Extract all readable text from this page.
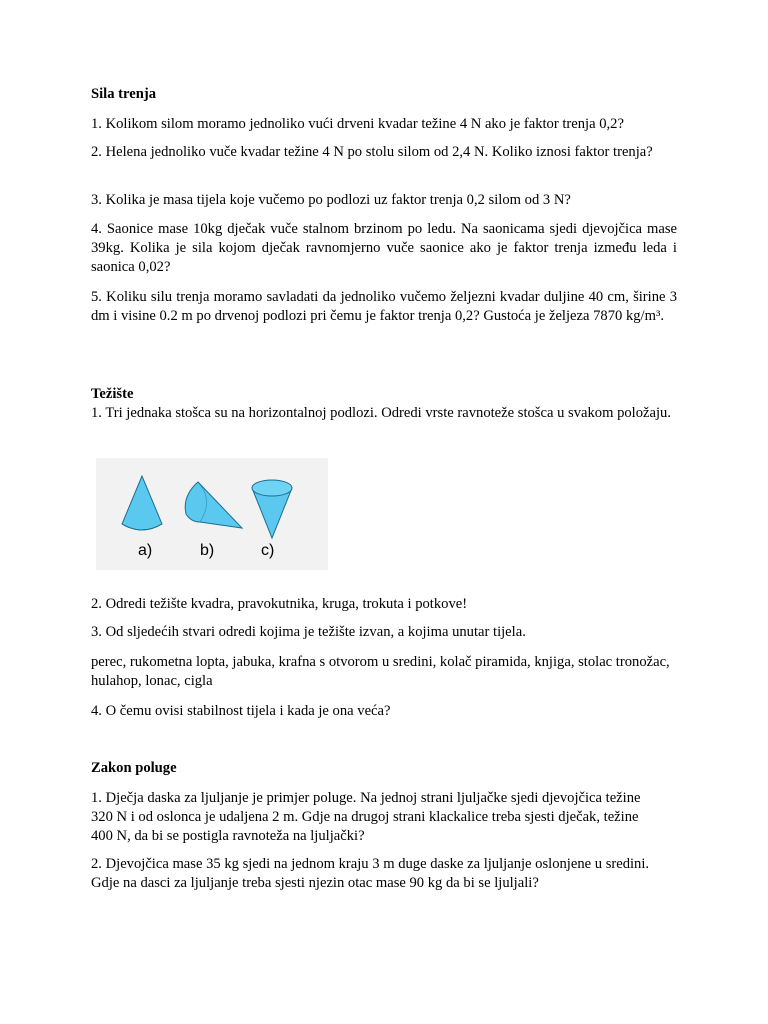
Sila trenja

1. Kolikom silom moramo jednoliko vući drveni kvadar težine 4 N ako je faktor trenja 0,2?

2. Helena jednoliko vuče kvadar težine 4 N po stolu silom od 2,4 N. Koliko iznosi faktor trenja?

3. Kolika je masa tijela koje vučemo po podlozi uz faktor trenja 0,2 silom od 3 N?

4. Saonice mase 10kg dječak vuče stalnom brzinom po ledu. Na saonicama sjedi djevojčica mase 39kg. Kolika je sila kojom dječak ravnomjerno vuče saonice ako je faktor trenja između leda i saonica 0,02?

5. Koliku silu trenja moramo savladati da jednoliko vučemo željezni kvadar duljine 40 cm, širine 3 dm i visine 0.2 m po drvenoj podlozi pri čemu je faktor trenja 0,2? Gustoća je željeza 7870 kg/m³.

Težište

1. Tri jednaka stošca su na horizontalnoj podlozi. Odredi vrste ravnoteže stošca u svakom položaju.

a)	b)	c)

2. Odredi težište kvadra, pravokutnika, kruga, trokuta i potkove!

3. Od sljedećih stvari odredi kojima je težište izvan, a kojima unutar tijela.

perec, rukometna lopta, jabuka, krafna s otvorom u sredini, kolač piramida, knjiga, stolac tronožac, hulahop, lonac, cigla

4. O čemu ovisi stabilnost tijela i kada je ona veća?

Zakon poluge

1. Dječja daska za ljuljanje je primjer poluge. Na jednoj strani ljuljačke sjedi djevojčica težine 320 N i od oslonca je udaljena 2 m. Gdje na drugoj strani klackalice treba sjesti dječak, težine 400 N, da bi se postigla ravnoteža na ljuljački?

2. Djevojčica mase 35 kg sjedi na jednom kraju 3 m duge daske za ljuljanje oslonjene u sredini. Gdje na dasci za ljuljanje treba sjesti njezin otac mase 90 kg da bi se ljuljali?
